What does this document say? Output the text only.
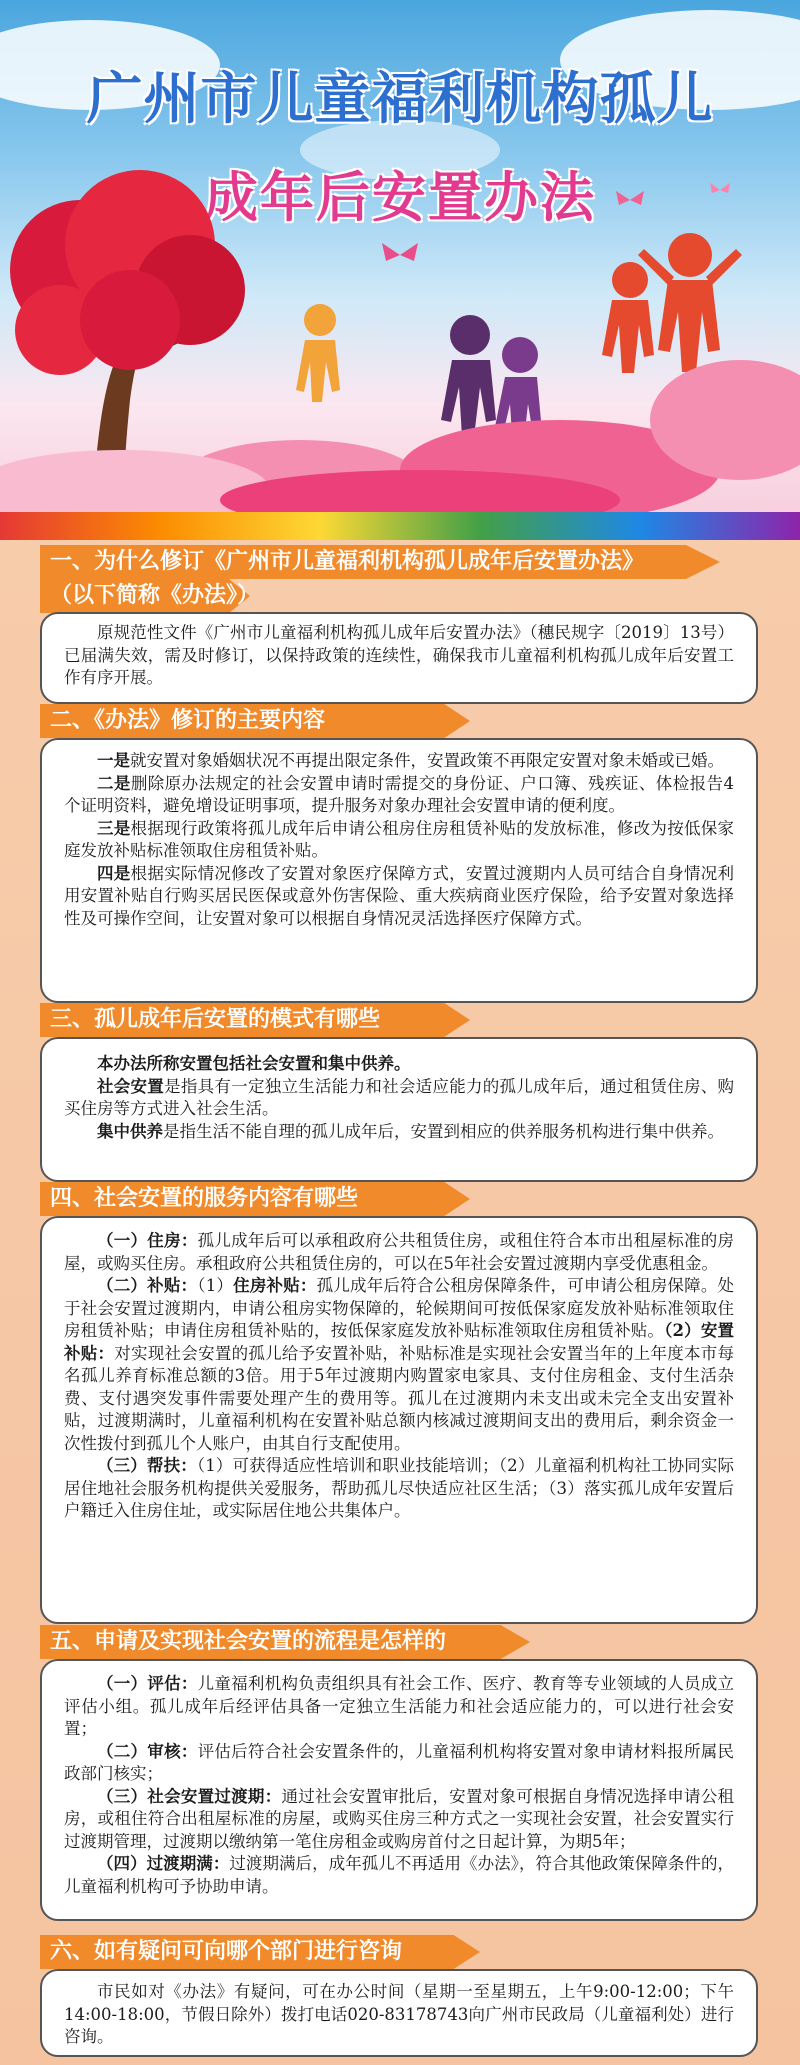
广州市儿童福利机构孤儿
成年后安置办法
一、为什么修订《广州市儿童福利机构孤儿成年后安置办法》
（以下简称《办法》）

原规范性文件《广州市儿童福利机构孤儿成年后安置办法》（穗民规字〔2019〕13号）已届满失效，需及时修订，以保持政策的连续性，确保我市儿童福利机构孤儿成年后安置工作有序开展。

二、《办法》修订的主要内容

一是就安置对象婚姻状况不再提出限定条件，安置政策不再限定安置对象未婚或已婚。

二是删除原办法规定的社会安置申请时需提交的身份证、户口簿、残疾证、体检报告4个证明资料，避免增设证明事项，提升服务对象办理社会安置申请的便利度。

三是根据现行政策将孤儿成年后申请公租房住房租赁补贴的发放标准，修改为按低保家庭发放补贴标准领取住房租赁补贴。

四是根据实际情况修改了安置对象医疗保障方式，安置过渡期内人员可结合自身情况利用安置补贴自行购买居民医保或意外伤害保险、重大疾病商业医疗保险，给予安置对象选择性及可操作空间，让安置对象可以根据自身情况灵活选择医疗保障方式。

三、孤儿成年后安置的模式有哪些

本办法所称安置包括社会安置和集中供养。

社会安置是指具有一定独立生活能力和社会适应能力的孤儿成年后，通过租赁住房、购买住房等方式进入社会生活。

集中供养是指生活不能自理的孤儿成年后，安置到相应的供养服务机构进行集中供养。

四、社会安置的服务内容有哪些

（一）住房：孤儿成年后可以承租政府公共租赁住房，或租住符合本市出租屋标准的房屋，或购买住房。承租政府公共租赁住房的，可以在5年社会安置过渡期内享受优惠租金。

（二）补贴：（1）住房补贴：孤儿成年后符合公租房保障条件，可申请公租房保障。处于社会安置过渡期内，申请公租房实物保障的，轮候期间可按低保家庭发放补贴标准领取住房租赁补贴；申请住房租赁补贴的，按低保家庭发放补贴标准领取住房租赁补贴。（2）安置补贴：对实现社会安置的孤儿给予安置补贴，补贴标准是实现社会安置当年的上年度本市每名孤儿养育标准总额的3倍。用于5年过渡期内购置家电家具、支付住房租金、支付生活杂费、支付遇突发事件需要处理产生的费用等。孤儿在过渡期内未支出或未完全支出安置补贴，过渡期满时，儿童福利机构在安置补贴总额内核减过渡期间支出的费用后，剩余资金一次性拨付到孤儿个人账户，由其自行支配使用。

（三）帮扶：（1）可获得适应性培训和职业技能培训；（2）儿童福利机构社工协同实际居住地社会服务机构提供关爱服务，帮助孤儿尽快适应社区生活；（3）落实孤儿成年安置后户籍迁入住房住址，或实际居住地公共集体户。

五、申请及实现社会安置的流程是怎样的

（一）评估：儿童福利机构负责组织具有社会工作、医疗、教育等专业领域的人员成立评估小组。孤儿成年后经评估具备一定独立生活能力和社会适应能力的，可以进行社会安置；

（二）审核：评估后符合社会安置条件的，儿童福利机构将安置对象申请材料报所属民政部门核实；

（三）社会安置过渡期：通过社会安置审批后，安置对象可根据自身情况选择申请公租房，或租住符合出租屋标准的房屋，或购买住房三种方式之一实现社会安置，社会安置实行过渡期管理，过渡期以缴纳第一笔住房租金或购房首付之日起计算，为期5年；

（四）过渡期满：过渡期满后，成年孤儿不再适用《办法》，符合其他政策保障条件的，儿童福利机构可予协助申请。

六、如有疑问可向哪个部门进行咨询

市民如对《办法》有疑问，可在办公时间（星期一至星期五，上午9:00-12:00；下午14:00-18:00，节假日除外）拨打电话020-83178743向广州市民政局（儿童福利处）进行咨询。
